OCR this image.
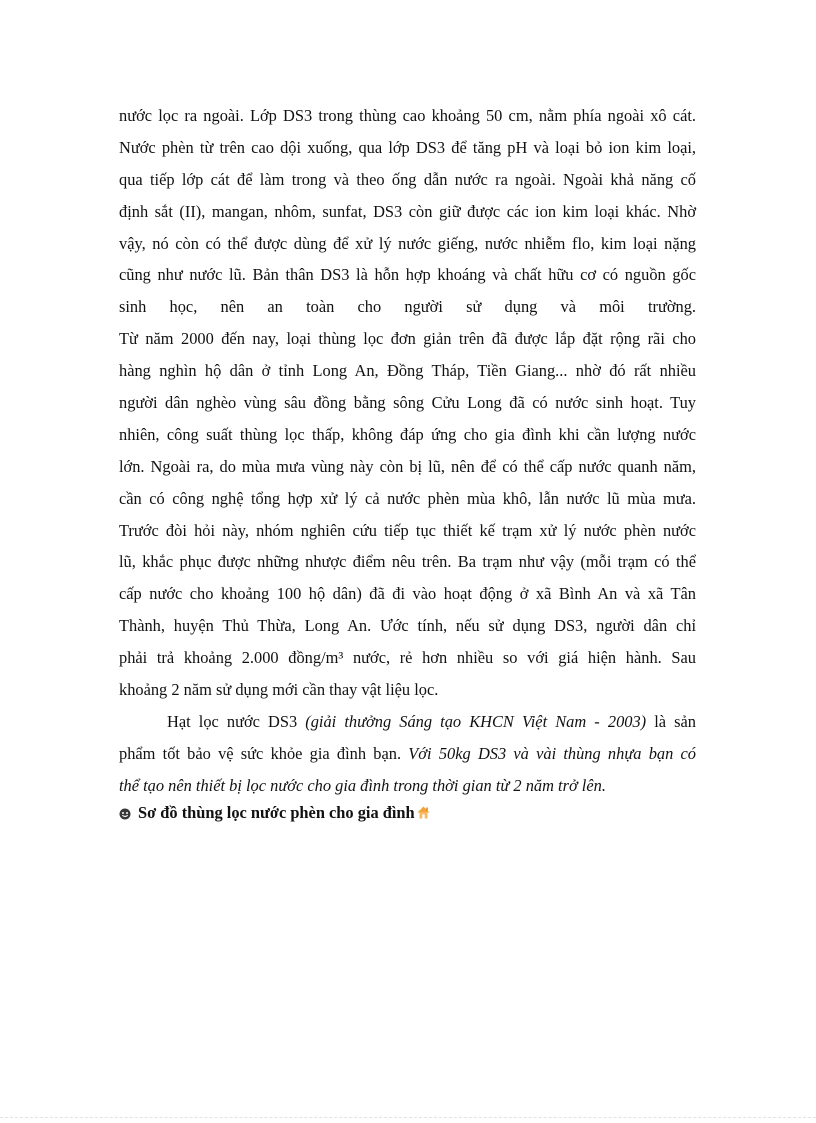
nước lọc ra ngoài. Lớp DS3 trong thùng cao khoảng 50 cm, nằm phía ngoài xô cát.
Nước phèn từ trên cao dội xuống, qua lớp DS3 để tăng pH và loại bỏ ion kim loại,
qua tiếp lớp cát để làm trong và theo ống dẫn nước ra ngoài. Ngoài khả năng cố
định sắt (II), mangan, nhôm, sunfat, DS3 còn giữ được các ion kim loại khác. Nhờ
vậy, nó còn có thể được dùng để xử lý nước giếng, nước nhiễm flo, kim loại nặng
cũng như nước lũ. Bản thân DS3 là hỗn hợp khoáng và chất hữu cơ có nguồn gốc
sinh học, nên an toàn cho người sử dụng và môi trường.
Từ năm 2000 đến nay, loại thùng lọc đơn giản trên đã được lắp đặt rộng rãi cho
hàng nghìn hộ dân ở tỉnh Long An, Đồng Tháp, Tiền Giang... nhờ đó rất nhiều
người dân nghèo vùng sâu đồng bằng sông Cửu Long đã có nước sinh hoạt. Tuy
nhiên, công suất thùng lọc thấp, không đáp ứng cho gia đình khi cần lượng nước
lớn. Ngoài ra, do mùa mưa vùng này còn bị lũ, nên để có thể cấp nước quanh năm,
cần có công nghệ tổng hợp xử lý cả nước phèn mùa khô, lẫn nước lũ mùa mưa.
Trước đòi hỏi này, nhóm nghiên cứu tiếp tục thiết kế trạm xử lý nước phèn nước
lũ, khắc phục được những nhược điểm nêu trên. Ba trạm như vậy (mỗi trạm có thể
cấp nước cho khoảng 100 hộ dân) đã đi vào hoạt động ở xã Bình An và xã Tân
Thành, huyện Thủ Thừa, Long An. Ước tính, nếu sử dụng DS3, người dân chỉ
phải trả khoảng 2.000 đồng/m³ nước, rẻ hơn nhiều so với giá hiện hành. Sau
khoảng 2 năm sử dụng mới cần thay vật liệu lọc.
Hạt lọc nước DS3 (giải thưởng Sáng tạo KHCN Việt Nam - 2003) là sản
phẩm tốt bảo vệ sức khỏe gia đình bạn. Với 50kg DS3 và vài thùng nhựa bạn có
thể tạo nên thiết bị lọc nước cho gia đình trong thời gian từ 2 năm trở lên.
Sơ đồ thùng lọc nước phèn cho gia đình
